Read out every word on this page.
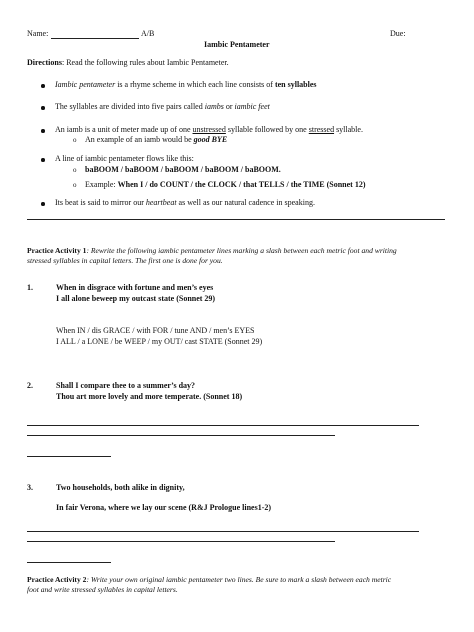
Name:	A/B	Due:
Iambic Pentameter
Directions: Read the following rules about Iambic Pentameter.
Iambic pentameter is a rhyme scheme in which each line consists of ten syllables
The syllables are divided into five pairs called iambs or iambic feet
An iamb is a unit of meter made up of one unstressed syllable followed by one stressed syllable.
o An example of an iamb would be good BYE
A line of iambic pentameter flows like this:
o baBOOM / baBOOM / baBOOM / baBOOM / baBOOM.
o Example: When I / do COUNT / the CLOCK / that TELLS / the TIME (Sonnet 12)
Its beat is said to mirror our heartbeat as well as our natural cadence in speaking.
Practice Activity 1: Rewrite the following iambic pentameter lines marking a slash between each metric foot and writing
stressed syllables in capital letters. The first one is done for you.
1.	When in disgrace with fortune and men’s eyes
I all alone beweep my outcast state (Sonnet 29)
When IN / dis GRACE / with FOR / tune AND / men’s EYES
I ALL / a LONE / be WEEP / my OUT/ cast STATE (Sonnet 29)
2.	Shall I compare thee to a summer’s day?
Thou art more lovely and more temperate. (Sonnet 18)
3.	Two households, both alike in dignity,
In fair Verona, where we lay our scene (R&J Prologue lines1-2)
Practice Activity 2: Write your own original iambic pentameter two lines. Be sure to mark a slash between each metric
foot and write stressed syllables in capital letters.
